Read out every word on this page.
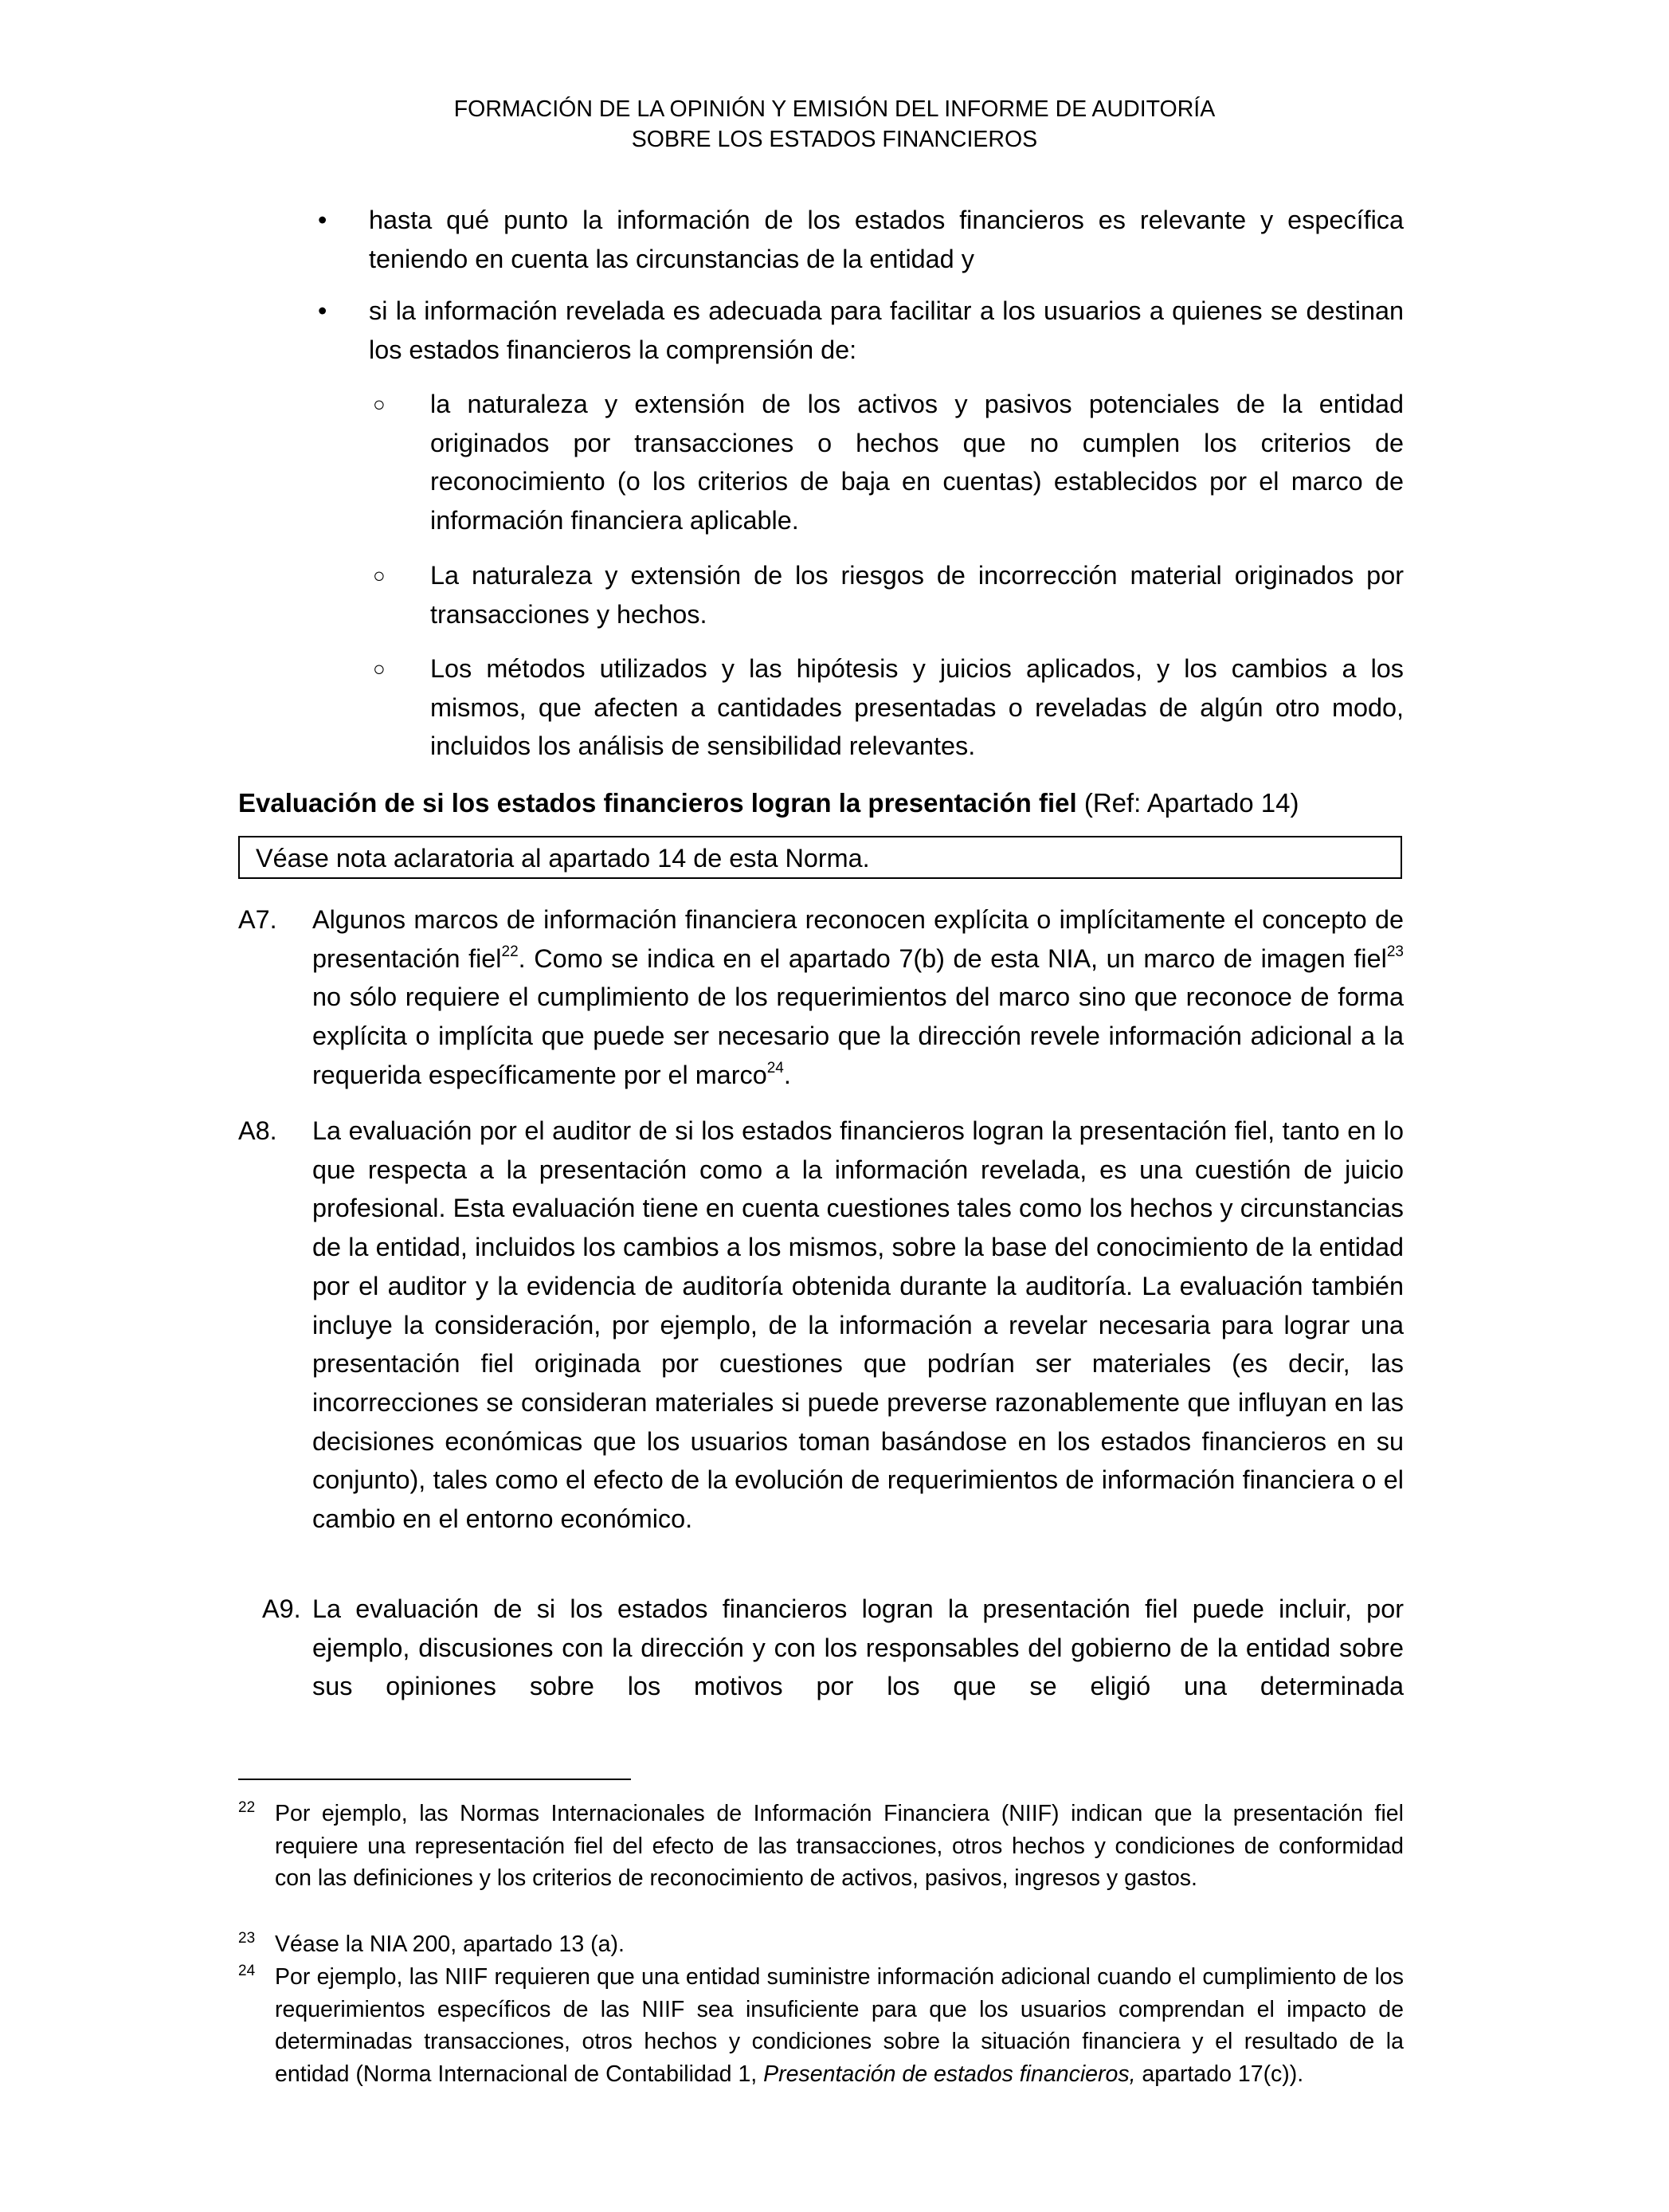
FORMACIÓN DE LA OPINIÓN Y EMISIÓN DEL INFORME DE AUDITORÍA
SOBRE LOS ESTADOS FINANCIEROS
• hasta qué punto la información de los estados financieros es relevante y específica teniendo en cuenta las circunstancias de la entidad y
• si la información revelada es adecuada para facilitar a los usuarios a quienes se destinan los estados financieros la comprensión de:
○ la naturaleza y extensión de los activos y pasivos potenciales de la entidad originados por transacciones o hechos que no cumplen los criterios de reconocimiento (o los criterios de baja en cuentas) establecidos por el marco de información financiera aplicable.
○ La naturaleza y extensión de los riesgos de incorrección material originados por transacciones y hechos.
○ Los métodos utilizados y las hipótesis y juicios aplicados, y los cambios a los mismos, que afecten a cantidades presentadas o reveladas de algún otro modo, incluidos los análisis de sensibilidad relevantes.
Evaluación de si los estados financieros logran la presentación fiel (Ref: Apartado 14)
Véase nota aclaratoria al apartado 14 de esta Norma.
A7. Algunos marcos de información financiera reconocen explícita o implícitamente el concepto de presentación fiel$^{22}$. Como se indica en el apartado 7(b) de esta NIA, un marco de imagen fiel$^{23}$ no sólo requiere el cumplimiento de los requerimientos del marco sino que reconoce de forma explícita o implícita que puede ser necesario que la dirección revele información adicional a la requerida específicamente por el marco$^{24}$.
A8. La evaluación por el auditor de si los estados financieros logran la presentación fiel, tanto en lo que respecta a la presentación como a la información revelada, es una cuestión de juicio profesional. Esta evaluación tiene en cuenta cuestiones tales como los hechos y circunstancias de la entidad, incluidos los cambios a los mismos, sobre la base del conocimiento de la entidad por el auditor y la evidencia de auditoría obtenida durante la auditoría. La evaluación también incluye la consideración, por ejemplo, de la información a revelar necesaria para lograr una presentación fiel originada por cuestiones que podrían ser materiales (es decir, las incorrecciones se consideran materiales si puede preverse razonablemente que influyan en las decisiones económicas que los usuarios toman basándose en los estados financieros en su conjunto), tales como el efecto de la evolución de requerimientos de información financiera o el cambio en el entorno económico.
A9. La evaluación de si los estados financieros logran la presentación fiel puede incluir, por ejemplo, discusiones con la dirección y con los responsables del gobierno de la entidad sobre sus opiniones sobre los motivos por los que se eligió una determinada
22 Por ejemplo, las Normas Internacionales de Información Financiera (NIIF) indican que la presentación fiel requiere una representación fiel del efecto de las transacciones, otros hechos y condiciones de conformidad con las definiciones y los criterios de reconocimiento de activos, pasivos, ingresos y gastos.
23 Véase la NIA 200, apartado 13 (a).
24 Por ejemplo, las NIIF requieren que una entidad suministre información adicional cuando el cumplimiento de los requerimientos específicos de las NIIF sea insuficiente para que los usuarios comprendan el impacto de determinadas transacciones, otros hechos y condiciones sobre la situación financiera y el resultado de la entidad (Norma Internacional de Contabilidad 1, Presentación de estados financieros, apartado 17(c)).
